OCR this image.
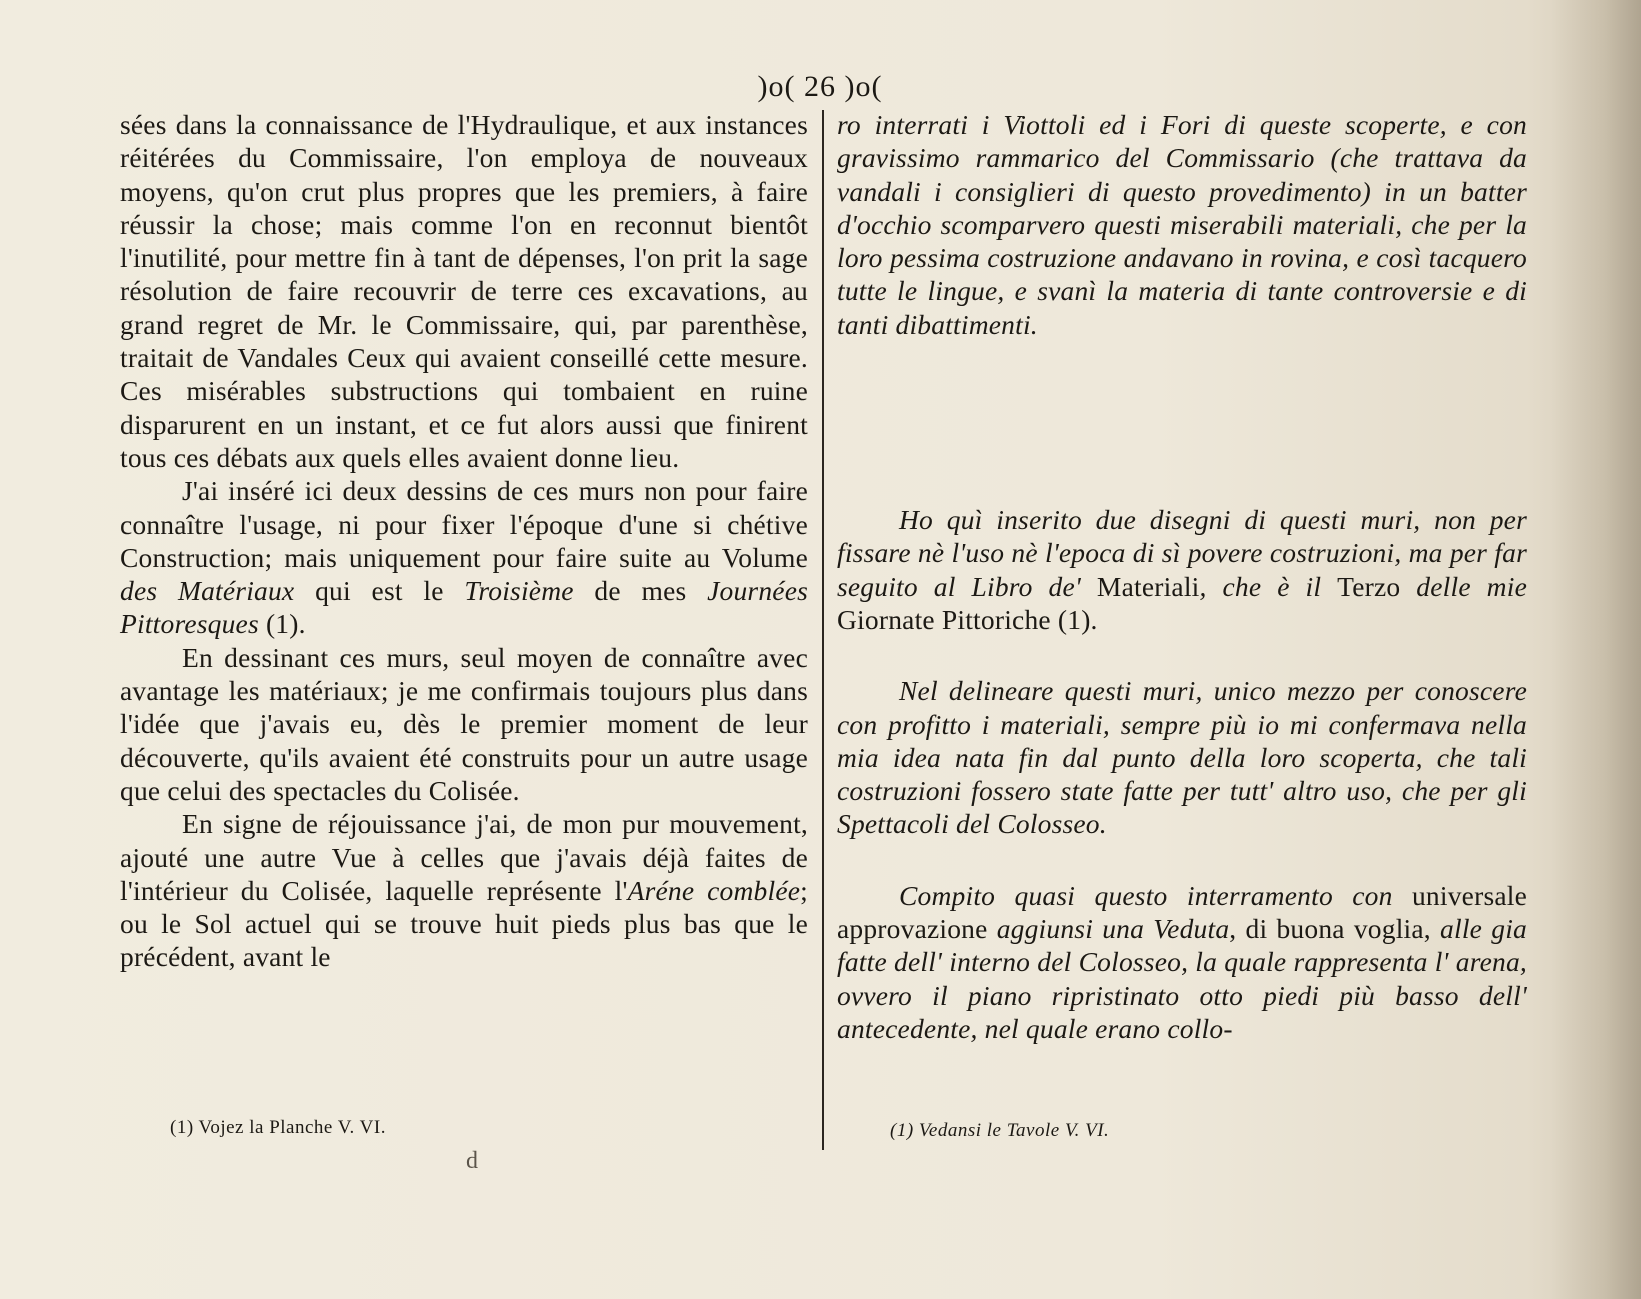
)o( 26 )o(

sées dans la connaissance de l'Hydraulique, et aux instances réitérées du Commissaire, l'on employa de nouveaux moyens, qu'on crut plus propres que les premiers, à faire réussir la chose; mais comme l'on en reconnut bientôt l'inutilité, pour mettre fin à tant de dépenses, l'on prit la sage résolution de faire recouvrir de terre ces excavations, au grand regret de Mr. le Commissaire, qui, par parenthèse, traitait de Vandales Ceux qui avaient conseillé cette mesure. Ces misérables substructions qui tombaient en ruine disparurent en un instant, et ce fut alors aussi que finirent tous ces débats aux quels elles avaient donne lieu.

J'ai inséré ici deux dessins de ces murs non pour faire connaître l'usage, ni pour fixer l'époque d'une si chétive Construction; mais uniquement pour faire suite au Volume des Matériaux qui est le Troisième de mes Journées Pittoresques (1).

En dessinant ces murs, seul moyen de connaître avec avantage les matériaux; je me confirmais toujours plus dans l'idée que j'avais eu, dès le premier moment de leur découverte, qu'ils avaient été construits pour un autre usage que celui des spectacles du Colisée.

En signe de réjouissance j'ai, de mon pur mouvement, ajouté une autre Vue à celles que j'avais déjà faites de l'intérieur du Colisée, laquelle représente l'Aréne comblée; ou le Sol actuel qui se trouve huit pieds plus bas que le précédent, avant le

ro interrati i Viottoli ed i Fori di queste scoperte, e con gravissimo rammarico del Commissario (che trattava da vandali i consiglieri di questo provedimento) in un batter d'occhio scomparvero questi miserabili materiali, che per la loro pessima costruzione andavano in rovina, e così tacquero tutte le lingue, e svanì la materia di tante controversie e di tanti dibattimenti.

Ho quì inserito due disegni di questi muri, non per fissare nè l'uso nè l'epoca di sì povere costruzioni, ma per far seguito al Libro de' Materiali, che è il Terzo delle mie Giornate Pittoriche (1).

Nel delineare questi muri, unico mezzo per conoscere con profitto i materiali, sempre più io mi confermava nella mia idea nata fin dal punto della loro scoperta, che tali costruzioni fossero state fatte per tutt' altro uso, che per gli Spettacoli del Colosseo.

Compito quasi questo interramento con universale approvazione aggiunsi una Veduta, di buona voglia, alle gia fatte dell' interno del Colosseo, la quale rappresenta l' arena, ovvero il piano ripristinato otto piedi più basso dell' antecedente, nel quale erano collo-

(1) Vojez la Planche V. VI.	(1) Vedansi le Tavole V. VI.
d
